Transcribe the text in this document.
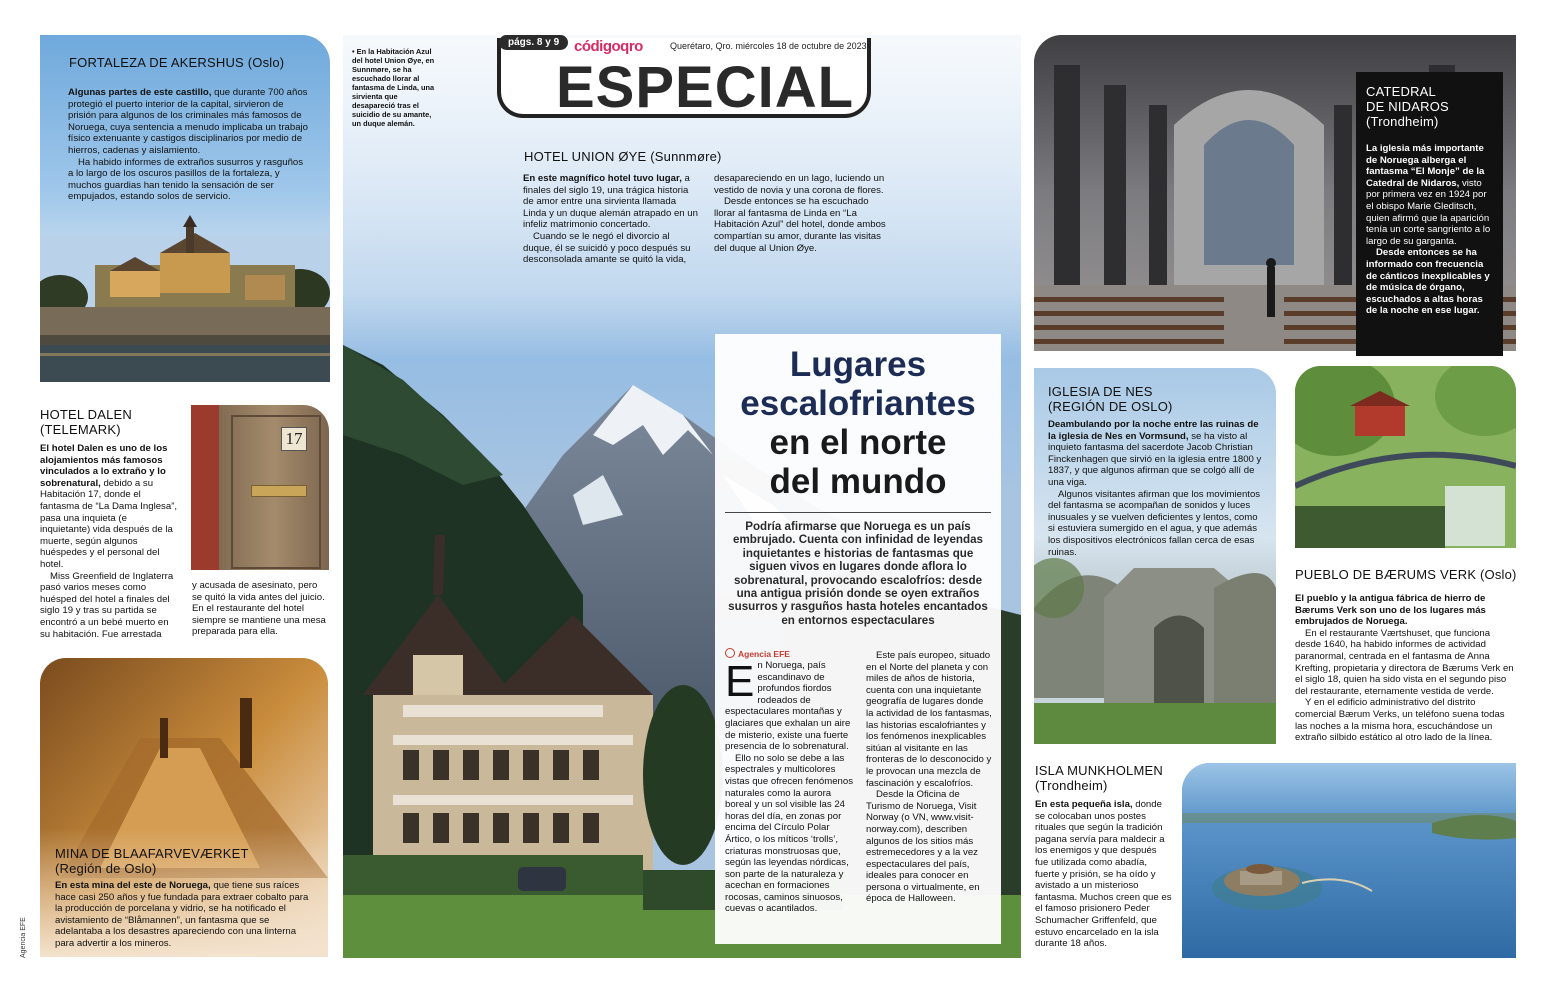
FORTALEZA DE AKERSHUS (Oslo)

Algunas partes de este castillo, que durante 700 años protegió el puerto interior de la capital, sirvieron de prisión para algunos de los criminales más famosos de Noruega, cuya sentencia a menudo implicaba un trabajo físico extenuante y castigos disciplinarios por medio de hierros, cadenas y aislamiento.

Ha habido informes de extraños susurros y rasguños a lo largo de los oscuros pasillos de la fortaleza, y muchos guardias han tenido la sensación de ser empujados, estando solos de servicio.

HOTEL DALEN
(TELEMARK)

El hotel Dalen es uno de los alojamientos más famosos vinculados a lo extraño y lo sobrenatural, debido a su Habitación 17, donde el fantasma de “La Dama Inglesa”, pasa una inquieta (e inquietante) vida después de la muerte, según algunos huéspedes y el personal del hotel.

Miss Greenfield de Inglaterra pasó varios meses como huésped del hotel a finales del siglo 19 y tras su partida se encontró a un bebé muerto en su habitación. Fue arrestada

17

y acusada de asesinato, pero se quitó la vida antes del juicio. En el restaurante del hotel siempre se mantiene una mesa preparada para ella.

MINA DE BLAAFARVEVÆRKET
(Región de Oslo)

En esta mina del este de Noruega, que tiene sus raíces hace casi 250 años y fue fundada para extraer cobalto para la producción de porcelana y vidrio, se ha notificado el avistamiento de “Blåmannen”, un fantasma que se adelantaba a los desastres apareciendo con una linterna para advertir a los mineros.

Agencia EFE
págs. 8 y 9 códigoqro	Querétaro, Qro. miércoles 18 de octubre de 2023
ESPECIAL
• En la Habitación Azul del hotel Union Øye, en Sunnmøre, se ha escuchado llorar al fantasma de Linda, una sirvienta que desapareció tras el suicidio de su amante, un duque alemán.
HOTEL UNION ØYE (Sunnmøre)

En este magnífico hotel tuvo lugar, a finales del siglo 19, una trágica historia de amor entre una sirvienta llamada Linda y un duque alemán atrapado en un infeliz matrimonio concertado.

Cuando se le negó el divorcio al duque, él se suicidó y poco después su desconsolada amante se quitó la vida,

desapareciendo en un lago, luciendo un vestido de novia y una corona de flores.

Desde entonces se ha escuchado llorar al fantasma de Linda en “La Habitación Azul” del hotel, donde ambos compartían su amor, durante las visitas del duque al Union Øye.

Lugares
escalofriantes
en el norte
del mundo
Podría afirmarse que Noruega es un país embrujado. Cuenta con infinidad de leyendas inquietantes e historias de fantasmas que siguen vivos en lugares donde aflora lo sobrenatural, provocando escalofríos: desde una antigua prisión donde se oyen extraños susurros y rasguños hasta hoteles encantados en entornos espectaculares
Agencia EFE

En Noruega, país escandinavo de profundos fiordos rodeados de espectaculares montañas y glaciares que exhalan un aire de misterio, existe una fuerte presencia de lo sobrenatural.

Ello no solo se debe a las espectrales y multicolores vistas que ofrecen fenómenos naturales como la aurora boreal y un sol visible las 24 horas del día, en zonas por encima del Círculo Polar Ártico, o los míticos ‘trolls’, criaturas monstruosas que, según las leyendas nórdicas, son parte de la naturaleza y acechan en formaciones rocosas, caminos sinuosos, cuevas o acantilados.

Este país europeo, situado en el Norte del planeta y con miles de años de historia, cuenta con una inquietante geografía de lugares donde la actividad de los fantasmas, las historias escalofriantes y los fenómenos inexplicables sitúan al visitante en las fronteras de lo desconocido y le provocan una mezcla de fascinación y escalofríos.

Desde la Oficina de Turismo de Noruega, Visit Norway (o VN, www.visit-norway.com), describen algunos de los sitios más estremecedores y a la vez espectaculares del país, ideales para conocer en persona o virtualmente, en época de Halloween.

CATEDRAL
DE NIDAROS
(Trondheim)

La iglesia más importante de Noruega alberga el fantasma “El Monje” de la Catedral de Nidaros, visto por primera vez en 1924 por el obispo Marie Gleditsch, quien afirmó que la aparición tenía un corte sangriento a lo largo de su garganta.

Desde entonces se ha informado con frecuencia de cánticos inexplicables y de música de órgano, escuchados a altas horas de la noche en ese lugar.

IGLESIA DE NES
(REGIÓN DE OSLO)

Deambulando por la noche entre las ruinas de la iglesia de Nes en Vormsund, se ha visto al inquieto fantasma del sacerdote Jacob Christian Finckenhagen que sirvió en la iglesia entre 1800 y 1837, y que algunos afirman que se colgó allí de una viga.

Algunos visitantes afirman que los movimientos del fantasma se acompañan de sonidos y luces inusuales y se vuelven deficientes y lentos, como si estuviera sumergido en el agua, y que además los dispositivos electrónicos fallan cerca de esas ruinas.

PUEBLO DE BÆRUMS VERK (Oslo)

El pueblo y la antigua fábrica de hierro de Bærums Verk son uno de los lugares más embrujados de Noruega.

En el restaurante Værtshuset, que funciona desde 1640, ha habido informes de actividad paranormal, centrada en el fantasma de Anna Krefting, propietaria y directora de Bærums Verk en el siglo 18, quien ha sido vista en el segundo piso del restaurante, eternamente vestida de verde.

Y en el edificio administrativo del distrito comercial Bærum Verks, un teléfono suena todas las noches a la misma hora, escuchándose un extraño silbido estático al otro lado de la línea.

ISLA MUNKHOLMEN
(Trondheim)

En esta pequeña isla, donde se colocaban unos postes rituales que según la tradición pagana servía para maldecir a los enemigos y que después fue utilizada como abadía, fuerte y prisión, se ha oído y avistado a un misterioso fantasma. Muchos creen que es el famoso prisionero Peder Schumacher Griffenfeld, que estuvo encarcelado en la isla durante 18 años.
